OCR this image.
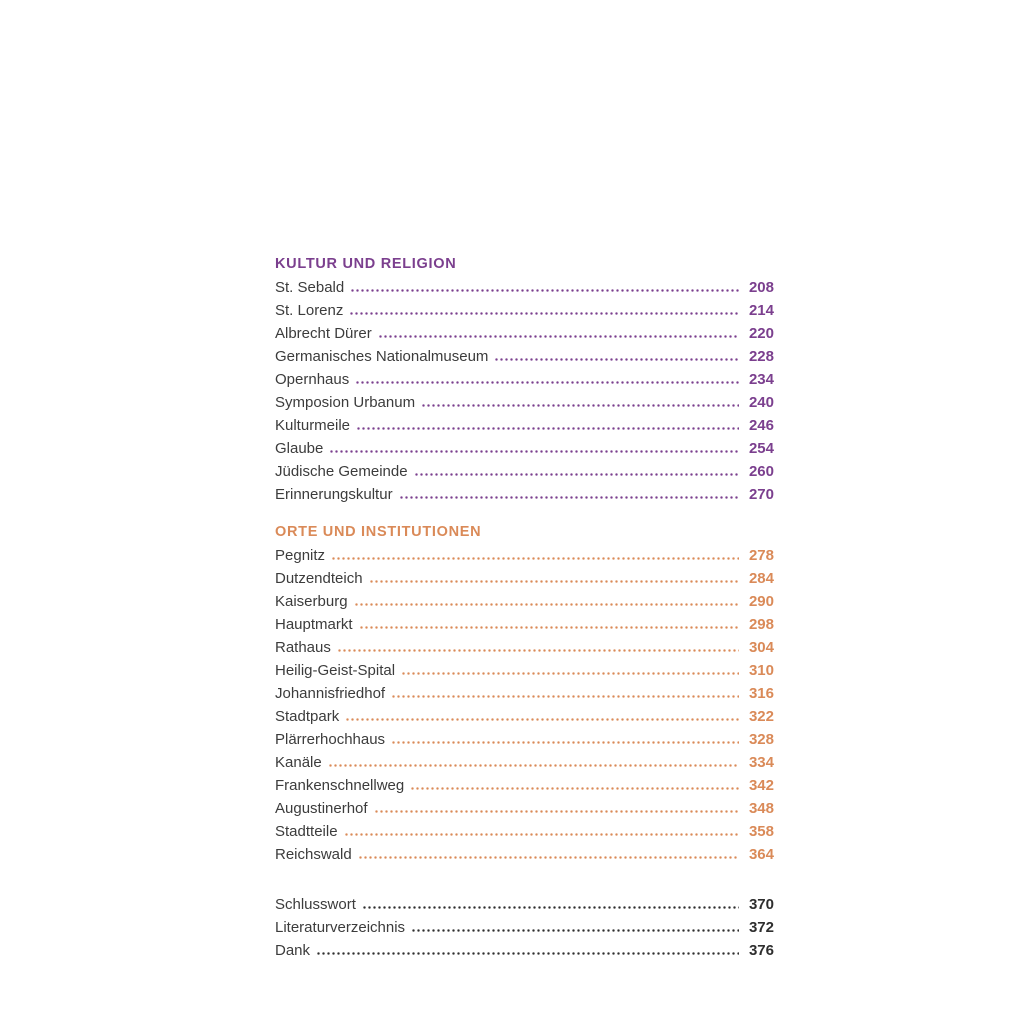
KULTUR UND RELIGION
St. Sebald	208
St. Lorenz	214
Albrecht Dürer	220
Germanisches Nationalmuseum	228
Opernhaus	234
Symposion Urbanum	240
Kulturmeile	246
Glaube	254
Jüdische Gemeinde	260
Erinnerungskultur	270
ORTE UND INSTITUTIONEN
Pegnitz	278
Dutzendteich	284
Kaiserburg	290
Hauptmarkt	298
Rathaus	304
Heilig-Geist-Spital	310
Johannisfriedhof	316
Stadtpark	322
Plärrerhochhaus	328
Kanäle	334
Frankenschnellweg	342
Augustinerhof	348
Stadtteile	358
Reichswald	364
Schlusswort	370
Literaturverzeichnis	372
Dank	376
